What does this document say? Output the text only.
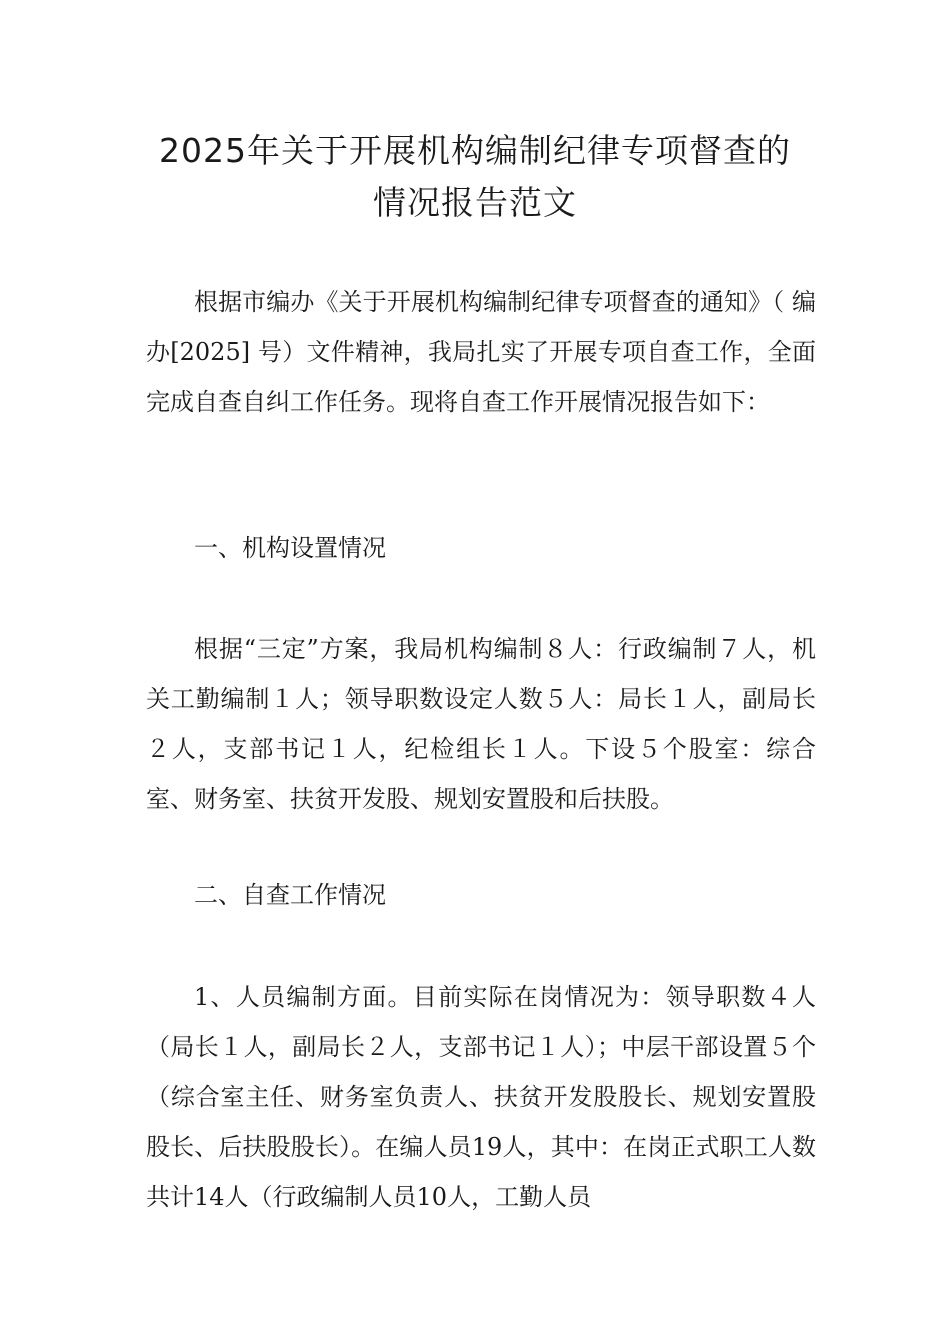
2025年关于开展机构编制纪律专项督查的
情况报告范文

根据市编办《关于开展机构编制纪律专项督查的通知》（ 编办[2025] 号）文件精神，我局扎实了开展专项自查工作，全面完成自查自纠工作任务。现将自查工作开展情况报告如下：

一、机构设置情况

根据“三定”方案，我局机构编制８人：行政编制７人，机关工勤编制１人；领导职数设定人数５人：局长１人，副局长２人，支部书记１人，纪检组长１人。下设５个股室：综合室、财务室、扶贫开发股、规划安置股和后扶股。

二、自查工作情况

1、人员编制方面。目前实际在岗情况为：领导职数４人（局长１人，副局长２人，支部书记１人）；中层干部设置５个（综合室主任、财务室负责人、扶贫开发股股长、规划安置股股长、后扶股股长）。在编人员19人，其中：在岗正式职工人数共计14人（行政编制人员10人，工勤人员
